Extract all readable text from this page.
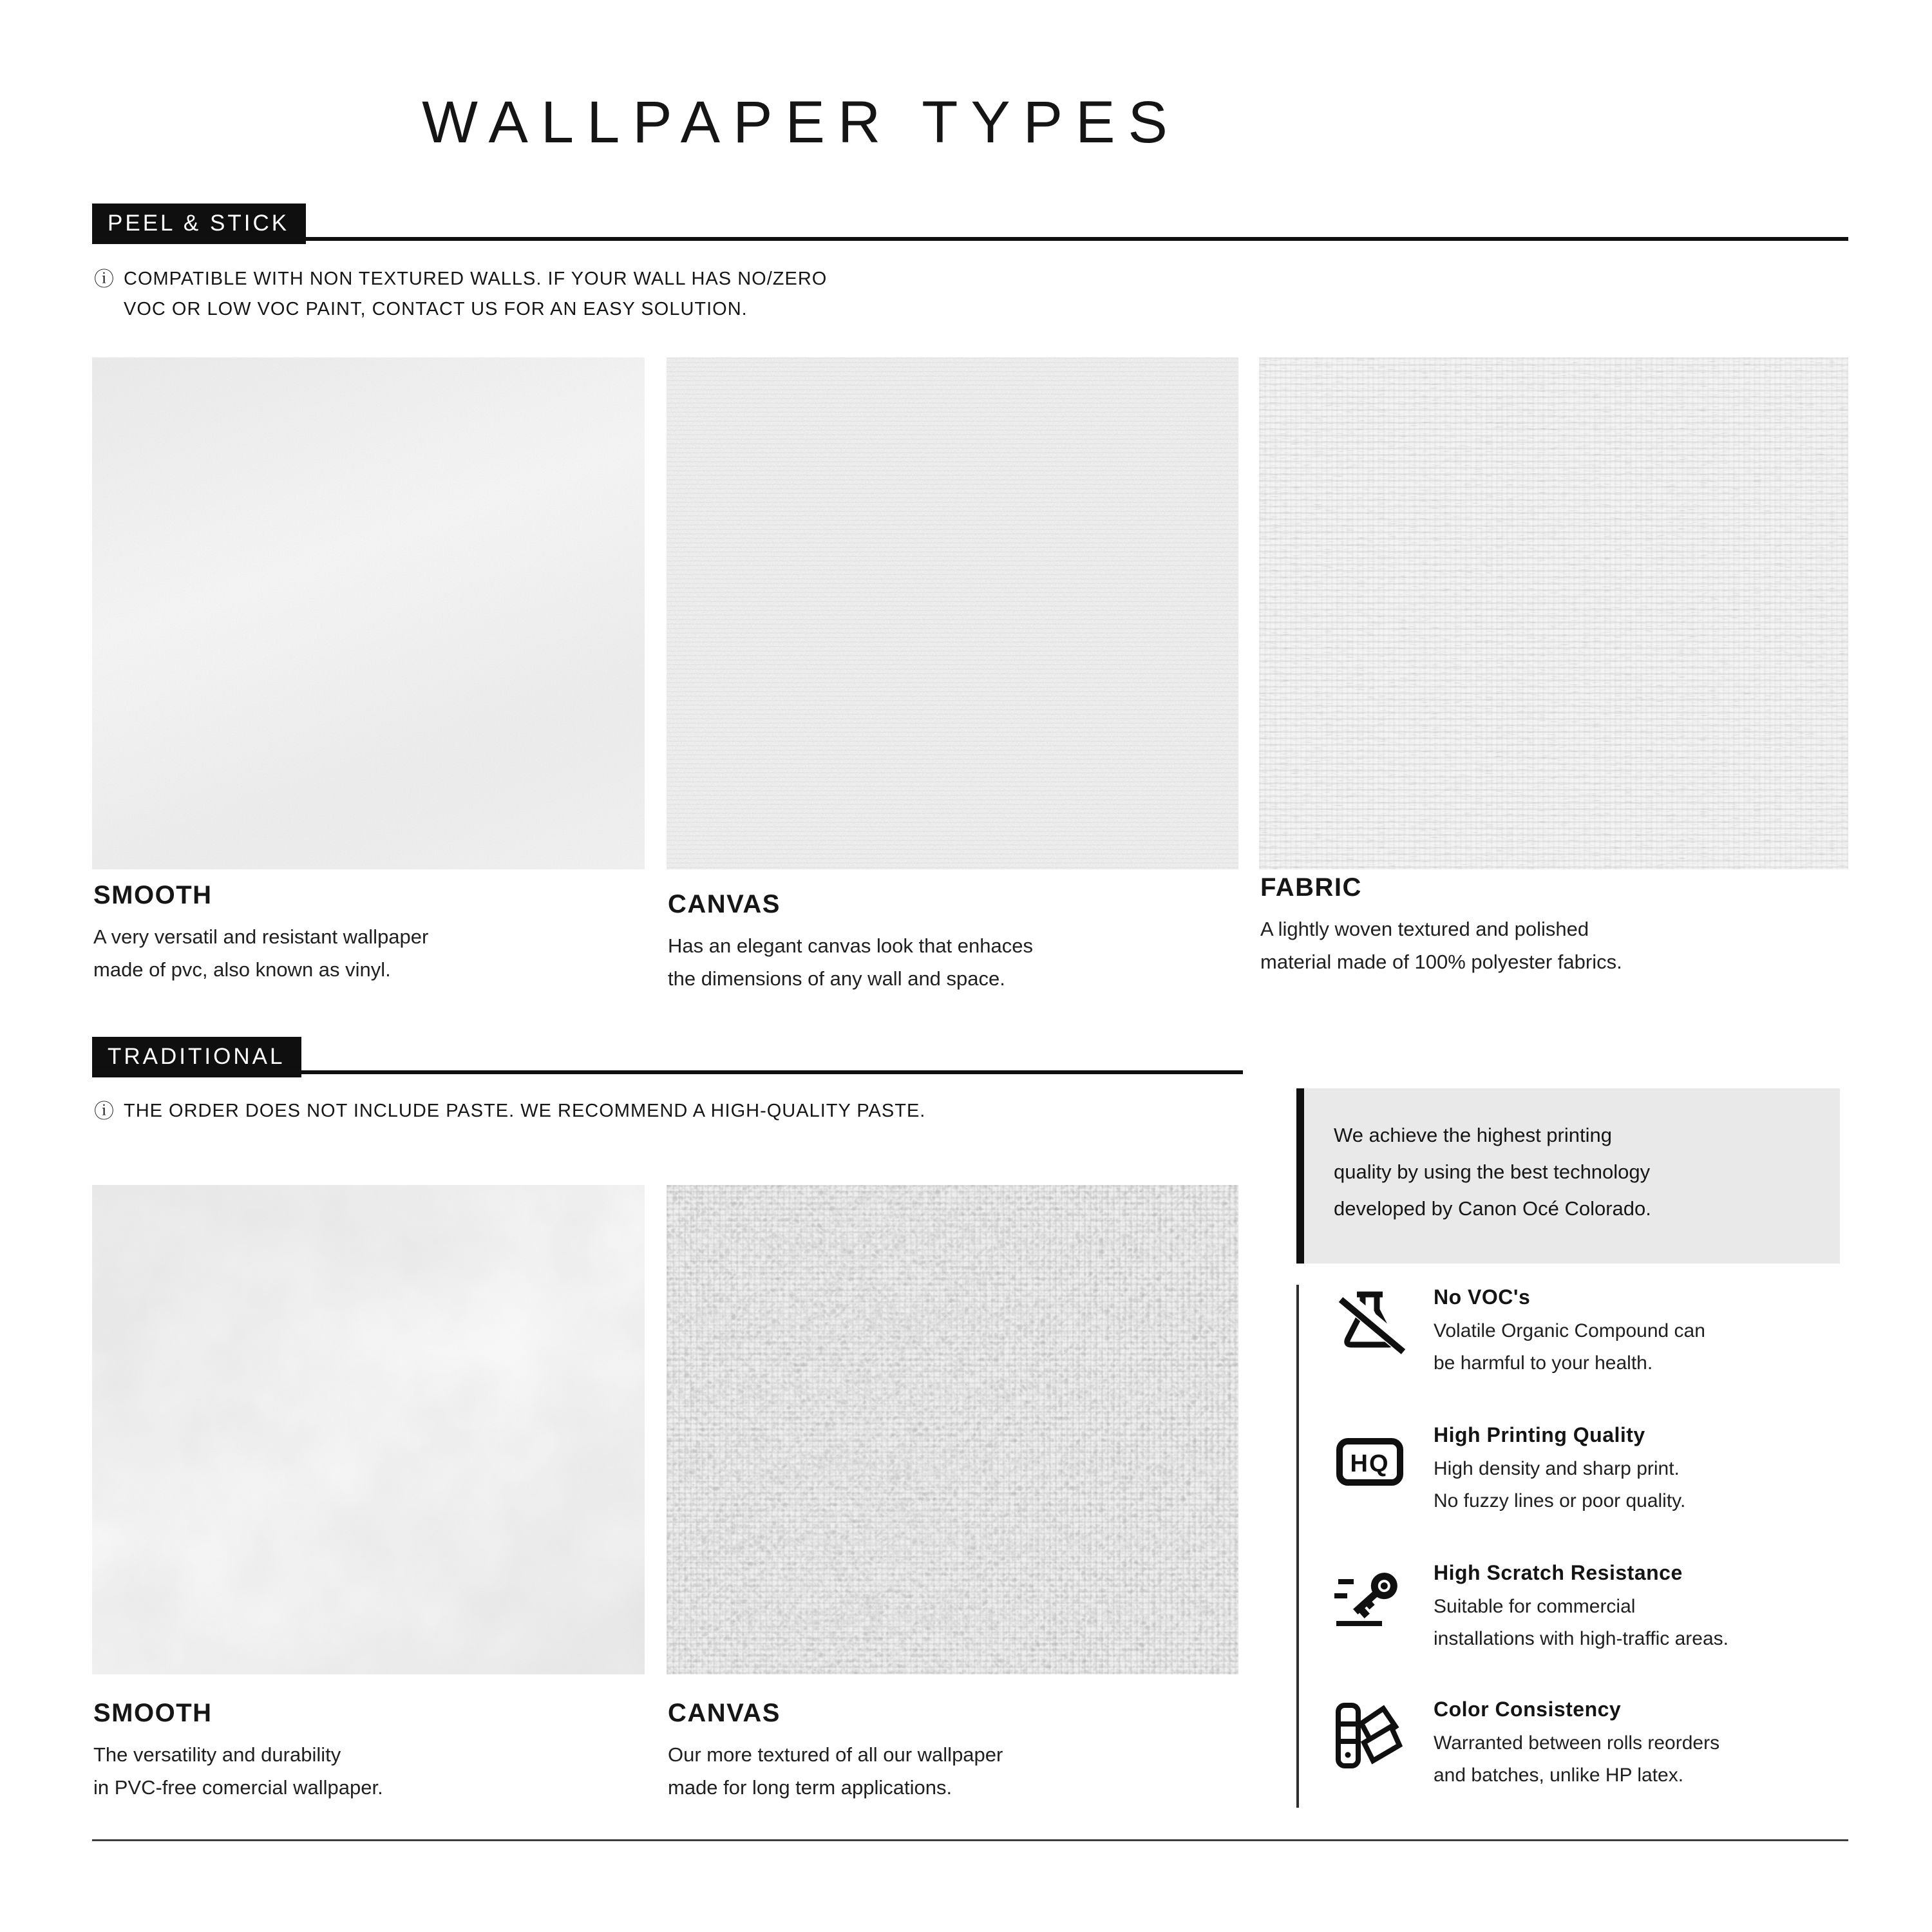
WALLPAPER TYPES
PEEL & STICK
ⓘ COMPATIBLE WITH NON TEXTURED WALLS. IF YOUR WALL HAS NO/ZERO
VOC OR LOW VOC PAINT, CONTACT US FOR AN EASY SOLUTION.
SMOOTH
A very versatil and resistant wallpaper
made of pvc, also known as vinyl.
CANVAS
Has an elegant canvas look that enhaces
the dimensions of any wall and space.
FABRIC
A lightly woven textured and polished
material made of 100% polyester fabrics.
TRADITIONAL
ⓘ THE ORDER DOES NOT INCLUDE PASTE. WE RECOMMEND A HIGH-QUALITY PASTE.
SMOOTH
The versatility and durability
in PVC-free comercial wallpaper.
CANVAS
Our more textured of all our wallpaper
made for long term applications.
We achieve the highest printing
quality by using the best technology
developed by Canon Océ Colorado.
No VOC's
Volatile Organic Compound can
be harmful to your health.
HQ
High Printing Quality
High density and sharp print.
No fuzzy lines or poor quality.
High Scratch Resistance
Suitable for commercial
installations with high-traffic areas.
Color Consistency
Warranted between rolls reorders
and batches, unlike HP latex.
